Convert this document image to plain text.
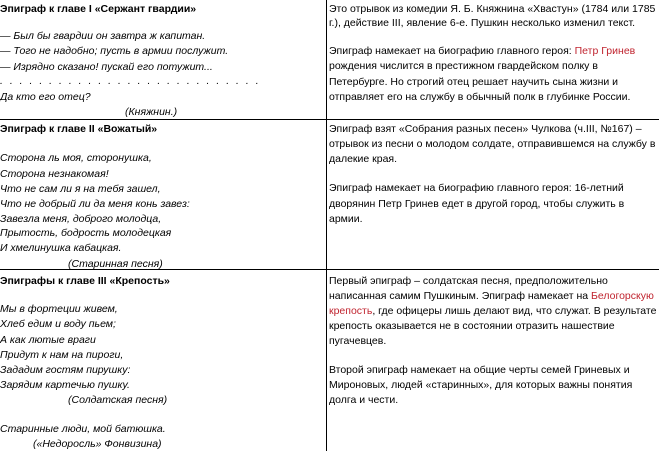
Эпиграф к главе I «Сержант гвардии»
— Был бы гвардии он завтра ж капитан.
— Того не надобно; пусть в армии послужит.
— Изрядно сказано! пускай его потужит...
. . . . . . . . . . . . . . . . . . . . . . . . . . .
Да кто его отец?
(Княжнин.)
Это отрывок из комедии Я. Б. Княжнина «Хвастун» (1784 или 1785
г.), действие III, явление 6-е. Пушкин несколько изменил текст.
Эпиграф намекает на биографию главного героя: Петр Гринев
рождения числится в престижном гвардейском полку в
Петербурге. Но строгий отец решает научить сына жизни и
отправляет его на службу в обычный полк в глубинке России.
Эпиграф к главе II «Вожатый»
Сторона ль моя, сторонушка,
Сторона незнакомая!
Что не сам ли я на тебя зашел,
Что не добрый ли да меня конь завез:
Завезла меня, доброго молодца,
Прытость, бодрость молодецкая
И хмелинушка кабацкая.
(Старинная песня)
Эпиграф взят «Собрания разных песен» Чулкова (ч.III, №167) –
отрывок из песни о молодом солдате, отправившемся на службу в
далекие края.
Эпиграф намекает на биографию главного героя: 16-летний
дворянин Петр Гринев едет в другой город, чтобы служить в
армии.
Эпиграфы к главе III «Крепость»
Мы в фортеции живем,
Хлеб едим и воду пьем;
А как лютые враги
Придут к нам на пироги,
Зададим гостям пирушку:
Зарядим картечью пушку.
(Солдатская песня)
Старинные люди, мой батюшка.
(«Недоросль» Фонвизина)
Первый эпиграф – солдатская песня, предположительно
написанная самим Пушкиным. Эпиграф намекает на Белогорскую
крепость, где офицеры лишь делают вид, что служат. В результате
крепость оказывается не в состоянии отразить нашествие
пугачевцев.
Второй эпиграф намекает на общие черты семей Гриневых и
Мироновых, людей «старинных», для которых важны понятия
долга и чести.
